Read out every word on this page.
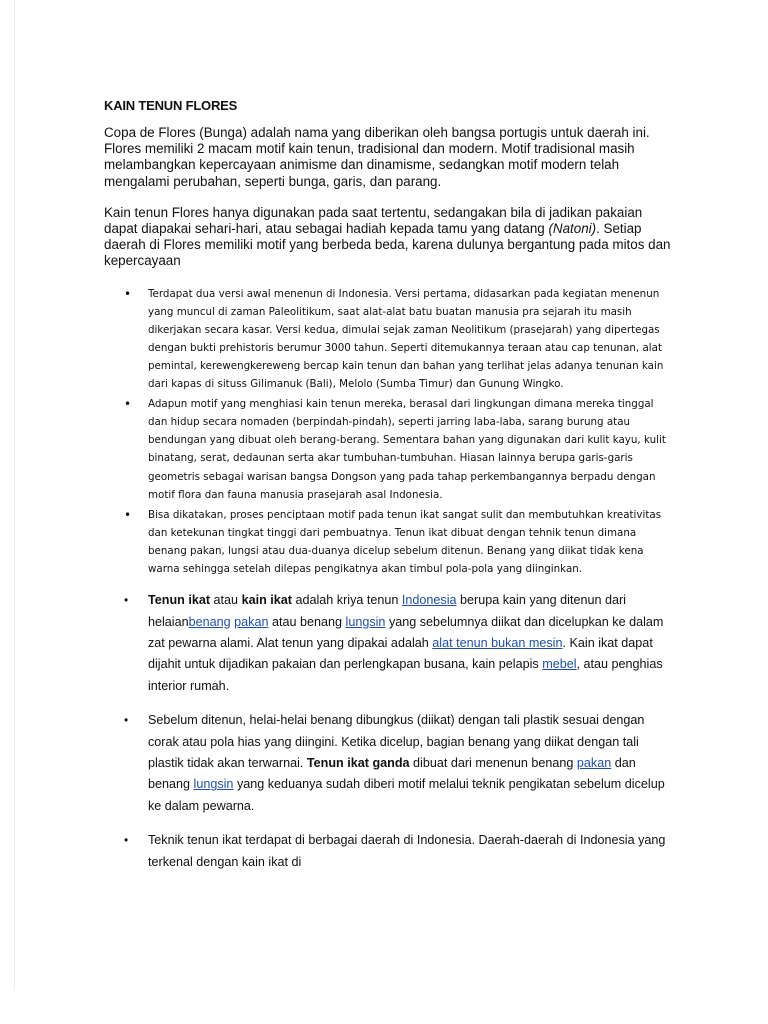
KAIN TENUN FLORES

Copa de Flores (Bunga) adalah nama yang diberikan oleh bangsa portugis untuk daerah ini. Flores memiliki 2 macam motif kain tenun, tradisional dan modern. Motif tradisional masih melambangkan kepercayaan animisme dan dinamisme, sedangkan motif modern telah mengalami perubahan, seperti bunga, garis, dan parang.

Kain tenun Flores hanya digunakan pada saat tertentu, sedangakan bila di jadikan pakaian dapat diapakai sehari-hari, atau sebagai hadiah kepada tamu yang datang (Natoni). Setiap daerah di Flores memiliki motif yang berbeda beda, karena dulunya bergantung pada mitos dan kepercayaan

• Terdapat dua versi awal menenun di Indonesia. Versi pertama, didasarkan pada kegiatan menenun yang muncul di zaman Paleolitikum, saat alat-alat batu buatan manusia pra sejarah itu masih dikerjakan secara kasar. Versi kedua, dimulai sejak zaman Neolitikum (prasejarah) yang dipertegas dengan bukti prehistoris berumur 3000 tahun. Seperti ditemukannya teraan atau cap tenunan, alat pemintal, kerewengkereweng bercap kain tenun dan bahan yang terlihat jelas adanya tenunan kain dari kapas di situss Gilimanuk (Bali), Melolo (Sumba Timur) dan Gunung Wingko.
• Adapun motif yang menghiasi kain tenun mereka, berasal dari lingkungan dimana mereka tinggal dan hidup secara nomaden (berpindah-pindah), seperti jarring laba-laba, sarang burung atau bendungan yang dibuat oleh berang-berang. Sementara bahan yang digunakan dari kulit kayu, kulit binatang, serat, dedaunan serta akar tumbuhan-tumbuhan. Hiasan lainnya berupa garis-garis geometris sebagai warisan bangsa Dongson yang pada tahap perkembangannya berpadu dengan motif flora dan fauna manusia prasejarah asal Indonesia.
• Bisa dikatakan, proses penciptaan motif pada tenun ikat sangat sulit dan membutuhkan kreativitas dan ketekunan tingkat tinggi dari pembuatnya. Tenun ikat dibuat dengan tehnik tenun dimana benang pakan, lungsi atau dua-duanya dicelup sebelum ditenun. Benang yang diikat tidak kena warna sehingga setelah dilepas pengikatnya akan timbul pola-pola yang diinginkan.
• Tenun ikat atau kain ikat adalah kriya tenun Indonesia berupa kain yang ditenun dari helaianbenang pakan atau benang lungsin yang sebelumnya diikat dan dicelupkan ke dalam zat pewarna alami. Alat tenun yang dipakai adalah alat tenun bukan mesin. Kain ikat dapat dijahit untuk dijadikan pakaian dan perlengkapan busana, kain pelapis mebel, atau penghias interior rumah.
• Sebelum ditenun, helai-helai benang dibungkus (diikat) dengan tali plastik sesuai dengan corak atau pola hias yang diingini. Ketika dicelup, bagian benang yang diikat dengan tali plastik tidak akan terwarnai. Tenun ikat ganda dibuat dari menenun benang pakan dan benang lungsin yang keduanya sudah diberi motif melalui teknik pengikatan sebelum dicelup ke dalam pewarna.
• Teknik tenun ikat terdapat di berbagai daerah di Indonesia. Daerah-daerah di Indonesia yang terkenal dengan kain ikat di
